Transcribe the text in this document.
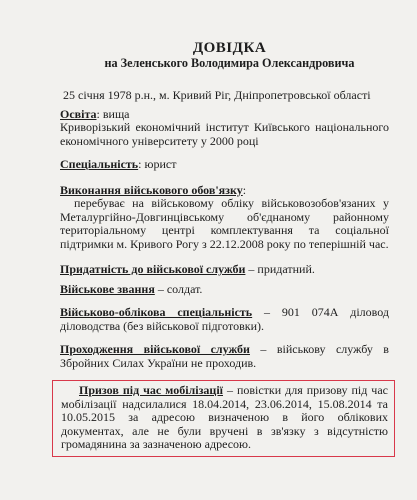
ДОВІДКА

на Зеленського Володимира Олександровича

25 січня 1978 р.н., м. Кривий Ріг, Дніпропетровської області

Освіта: вища

Криворізький економічний інститут Київського національного економічного університету у 2000 році

Спеціальність: юрист

Виконання військового обов'язку:

перебуває на військовому обліку військовозобов'язаних у Металургійно-Довгинцівському об'єднаному районному територіальному центрі комплектування та соціальної підтримки м. Кривого Рогу з 22.12.2008 року по теперішній час.

Придатність до військової служби – придатний.

Військове звання – солдат.

Військово-облікова спеціальність – 901 074А діловод діловодства (без військової підготовки).

Проходження військової служби – військову службу в Збройних Силах України не проходив.

Призов під час мобілізації – повістки для призову під час мобілізації надсилалися 18.04.2014, 23.06.2014, 15.08.2014 та 10.05.2015 за адресою визначеною в його облікових документах, але не були вручені в зв'язку з відсутністю громадянина за зазначеною адресою.
